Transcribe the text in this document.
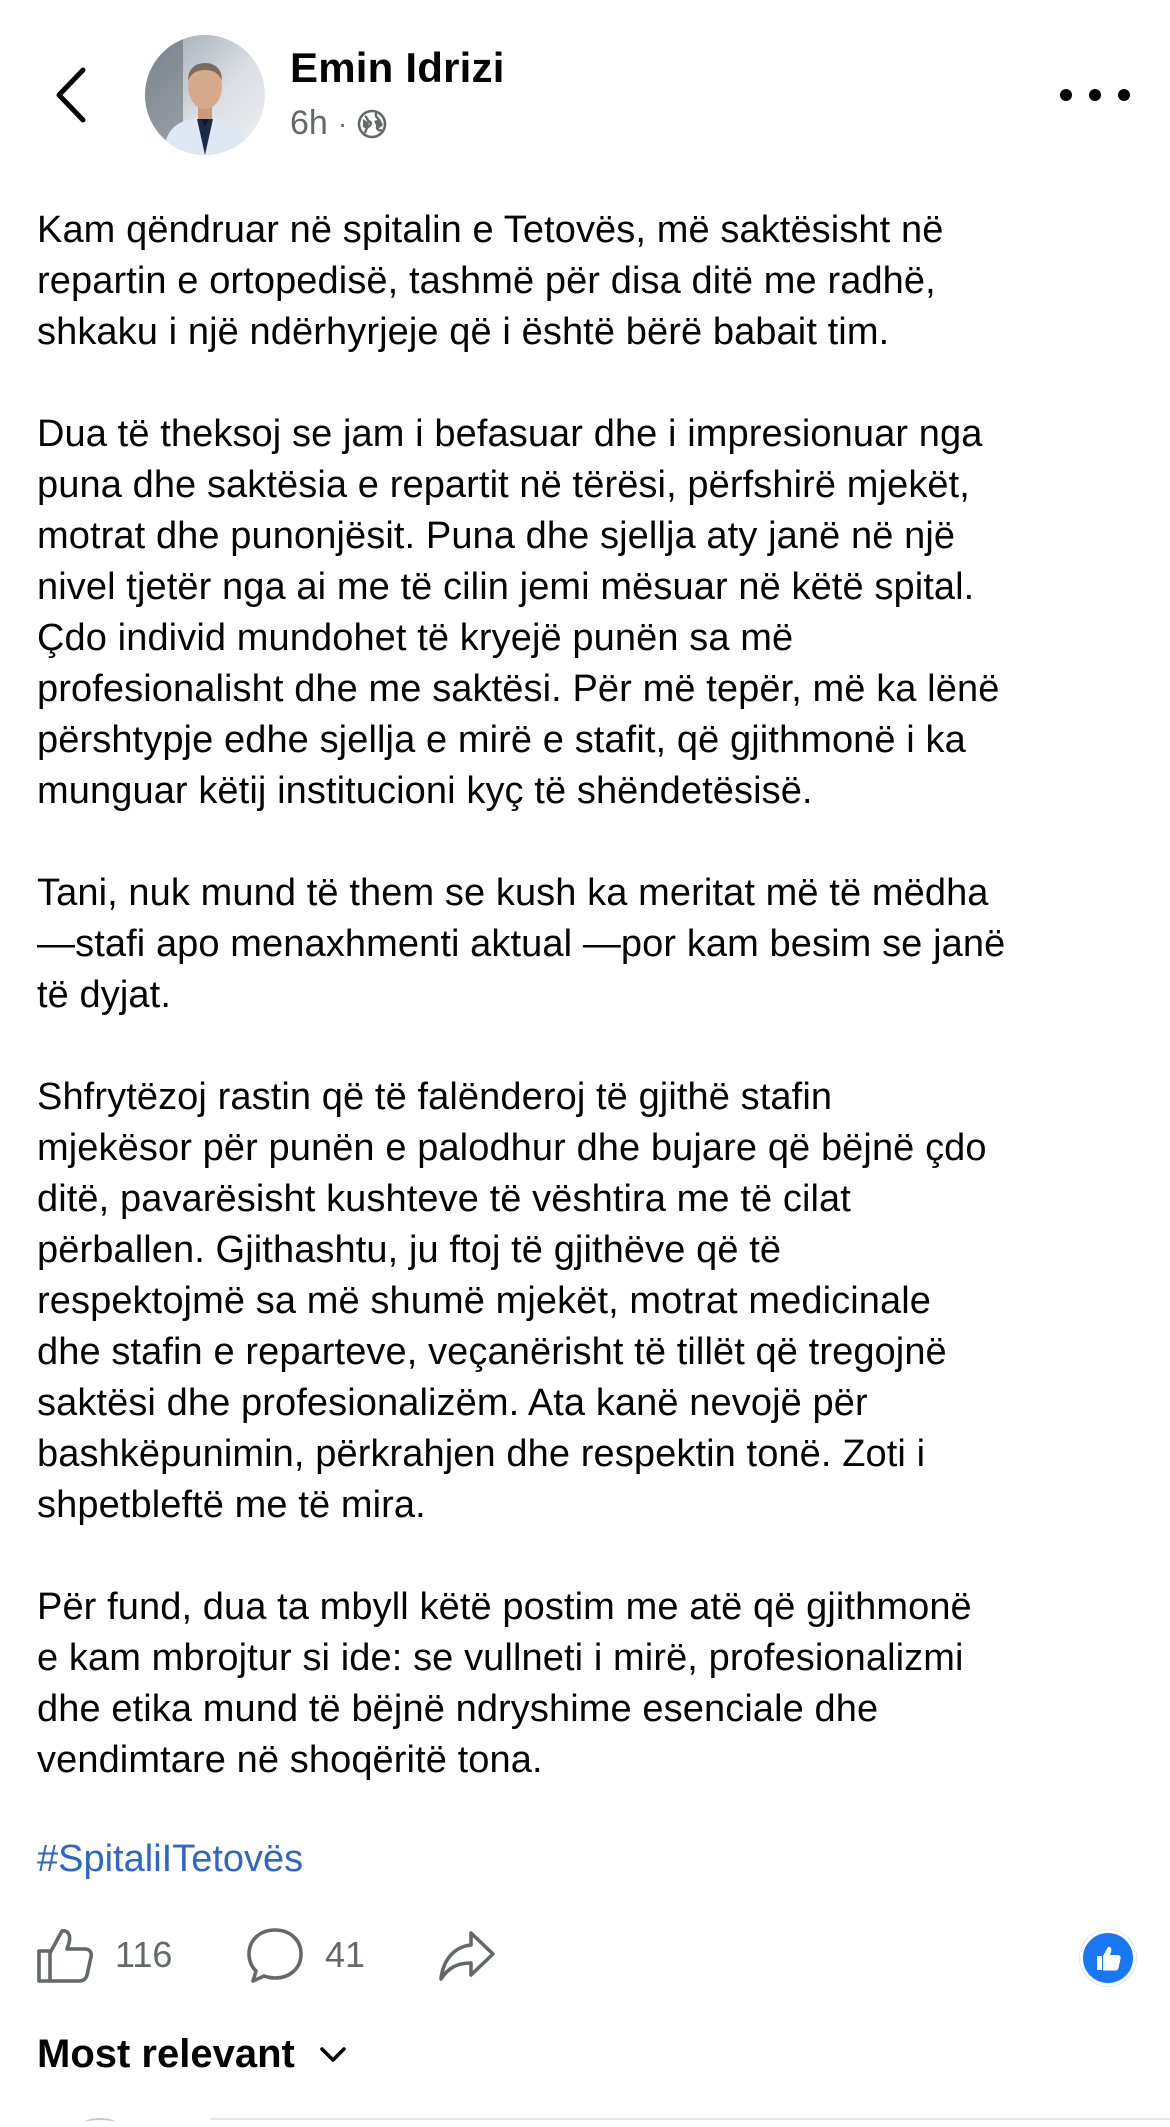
Emin Idrizi
6h ·

Kam qëndruar në spitalin e Tetovës, më saktësisht në
repartin e ortopedisë, tashmë për disa ditë me radhë,
shkaku i një ndërhyrjeje që i është bërë babait tim.

Dua të theksoj se jam i befasuar dhe i impresionuar nga
puna dhe saktësia e repartit në tërësi, përfshirë mjekët,
motrat dhe punonjësit. Puna dhe sjellja aty janë në një
nivel tjetër nga ai me të cilin jemi mësuar në këtë spital.
Çdo individ mundohet të kryejë punën sa më
profesionalisht dhe me saktësi. Për më tepër, më ka lënë
përshtypje edhe sjellja e mirë e stafit, që gjithmonë i ka
munguar këtij institucioni kyç të shëndetësisë.

Tani, nuk mund të them se kush ka meritat më të mëdha
—stafi apo menaxhmenti aktual —por kam besim se janë
të dyjat.

Shfrytëzoj rastin që të falënderoj të gjithë stafin
mjekësor për punën e palodhur dhe bujare që bëjnë çdo
ditë, pavarësisht kushteve të vështira me të cilat
përballen. Gjithashtu, ju ftoj të gjithëve që të
respektojmë sa më shumë mjekët, motrat medicinale
dhe stafin e reparteve, veçanërisht të tillët që tregojnë
saktësi dhe profesionalizëm. Ata kanë nevojë për
bashkëpunimin, përkrahjen dhe respektin tonë. Zoti i
shpetbleftë me të mira.

Për fund, dua ta mbyll këtë postim me atë që gjithmonë
e kam mbrojtur si ide: se vullneti i mirë, profesionalizmi
dhe etika mund të bëjnë ndryshime esenciale dhe
vendimtare në shoqëritë tona.

#SpitaliITetovës
116	41
Most relevant
